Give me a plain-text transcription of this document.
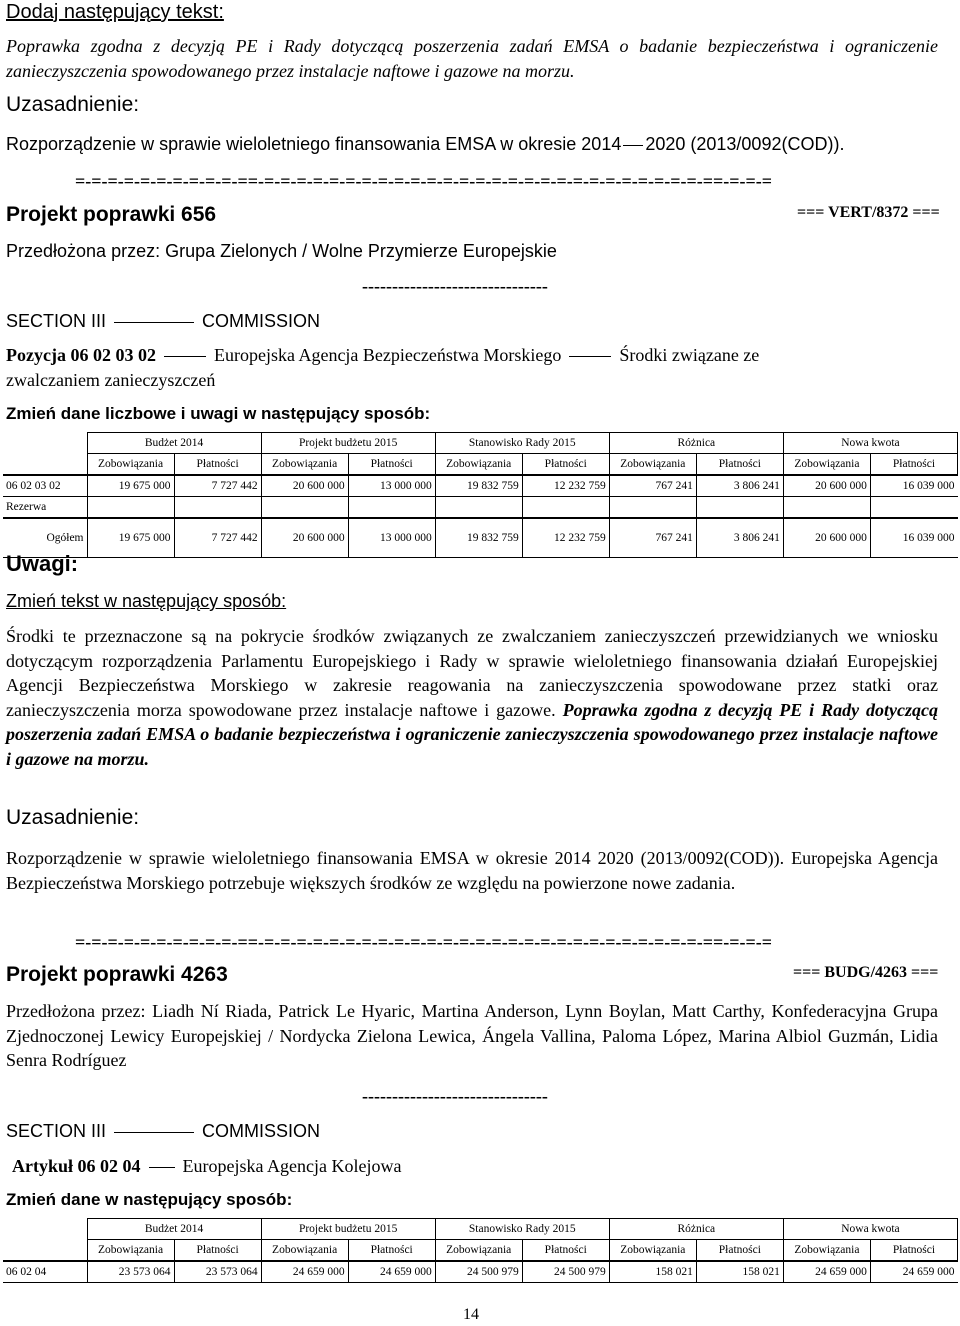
Dodaj następujący tekst:
Poprawka zgodna z decyzją PE i Rady dotyczącą poszerzenia zadań EMSA o badanie bezpieczeństwa i ograniczenie zanieczyszczenia spowodowanego przez instalacje naftowe i gazowe na morzu.
Uzasadnienie:
Rozporządzenie w sprawie wieloletniego finansowania EMSA w okresie 2014 2020 (2013/0092(COD)).
=-=-=-=-=-=-=-=-=-=-==-=-=-=-=-=-=-=-=-=-=-=-=-=-=-=-=-=-=-=-=-=-=-=-=-=-=-=-==-=-=-=
Projekt poprawki 656	=== VERT/8372 ===
Przedłożona przez: Grupa Zielonych / Wolne Przymierze Europejskie
-------------------------------
SECTION III	COMMISSION
Pozycja 06 02 03 02	Europejska Agencja Bezpieczeństwa Morskiego	Środki związane ze
zwalczaniem zanieczyszczeń
Zmień dane liczbowe i uwagi w następujący sposób:
	Budżet 2014		Projekt budżetu 2015		Stanowisko Rady 2015		Różnica		Nowa kwota	
	Zobowiązania	Płatności	Zobowiązania	Płatności	Zobowiązania	Płatności	Zobowiązania	Płatności	Zobowiązania	Płatności
06 02 03 02	19 675 000	7 727 442	20 600 000	13 000 000	19 832 759	12 232 759	767 241	3 806 241	20 600 000	16 039 000
Rezerwa										
Ogółem	19 675 000	7 727 442	20 600 000	13 000 000	19 832 759	12 232 759	767 241	3 806 241	20 600 000	16 039 000
Uwagi:
Zmień tekst w następujący sposób:
Środki te przeznaczone są na pokrycie środków związanych ze zwalczaniem zanieczyszczeń przewidzianych we wniosku dotyczącym rozporządzenia Parlamentu Europejskiego i Rady w sprawie wieloletniego finansowania działań Europejskiej Agencji Bezpieczeństwa Morskiego w zakresie reagowania na zanieczyszczenia spowodowane przez statki oraz zanieczyszczenia morza spowodowane przez instalacje naftowe i gazowe. Poprawka zgodna z decyzją PE i Rady dotyczącą poszerzenia zadań EMSA o badanie bezpieczeństwa i ograniczenie zanieczyszczenia spowodowanego przez instalacje naftowe i gazowe na morzu.
Uzasadnienie:
Rozporządzenie w sprawie wieloletniego finansowania EMSA w okresie 2014 2020 (2013/0092(COD)). Europejska Agencja Bezpieczeństwa Morskiego potrzebuje większych środków ze względu na powierzone nowe zadania.
=-=-=-=-=-=-=-=-=-=-==-=-=-=-=-=-=-=-=-=-=-=-=-=-=-=-=-=-=-=-=-=-=-=-=-=-=-=-==-=-=-=
Projekt poprawki 4263	=== BUDG/4263 ===
Przedłożona przez: Liadh Ní Riada, Patrick Le Hyaric, Martina Anderson, Lynn Boylan, Matt Carthy, Konfederacyjna Grupa Zjednoczonej Lewicy Europejskiej / Nordycka Zielona Lewica, Ángela Vallina, Paloma López, Marina Albiol Guzmán, Lidia Senra Rodríguez
-------------------------------
SECTION III	COMMISSION
Artykuł 06 02 04 Europejska Agencja Kolejowa
Zmień dane w następujący sposób:
	Budżet 2014		Projekt budżetu 2015		Stanowisko Rady 2015		Różnica		Nowa kwota	
	Zobowiązania	Płatności	Zobowiązania	Płatności	Zobowiązania	Płatności	Zobowiązania	Płatności	Zobowiązania	Płatności
06 02 04	23 573 064	23 573 064	24 659 000	24 659 000	24 500 979	24 500 979	158 021	158 021	24 659 000	24 659 000
14
